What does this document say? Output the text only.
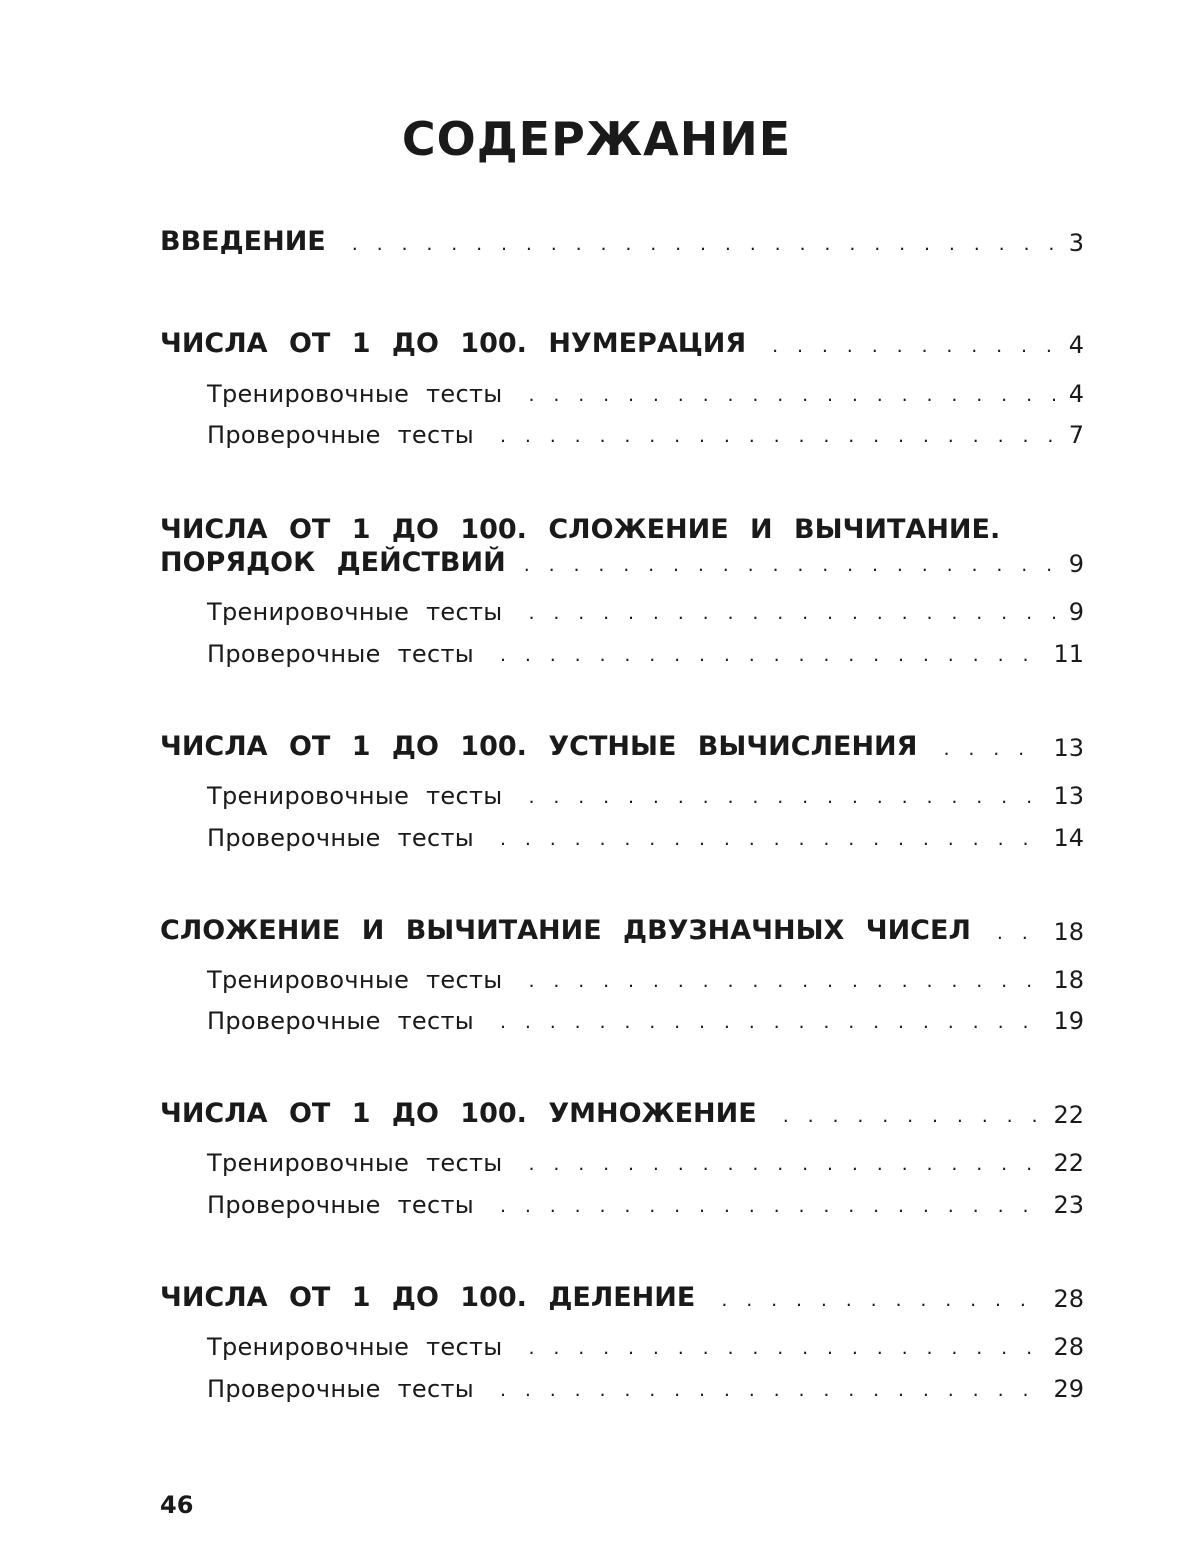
СОДЕРЖАНИЕ
ВВЕДЕНИЕ . . .	3
ЧИСЛА ОТ 1 ДО 100. НУМЕРАЦИЯ . . .	4
Тренировочные тесты . . .	4
Проверочные тесты . . .	7
ЧИСЛА ОТ 1 ДО 100. СЛОЖЕНИЕ И ВЫЧИТАНИЕ.
ПОРЯДОК ДЕЙСТВИЙ . . .	9
Тренировочные тесты . . .	9
Проверочные тесты . . .	11
ЧИСЛА ОТ 1 ДО 100. УСТНЫЕ ВЫЧИСЛЕНИЯ . . .	13
Тренировочные тесты . . .	13
Проверочные тесты . . .	14
СЛОЖЕНИЕ И ВЫЧИТАНИЕ ДВУЗНАЧНЫХ ЧИСЕЛ . . .	18
Тренировочные тесты . . .	18
Проверочные тесты . . .	19
ЧИСЛА ОТ 1 ДО 100. УМНОЖЕНИЕ . . .	22
Тренировочные тесты . . .	22
Проверочные тесты . . .	23
ЧИСЛА ОТ 1 ДО 100. ДЕЛЕНИЕ . . .	28
Тренировочные тесты . . .	28
Проверочные тесты . . .	29
46
